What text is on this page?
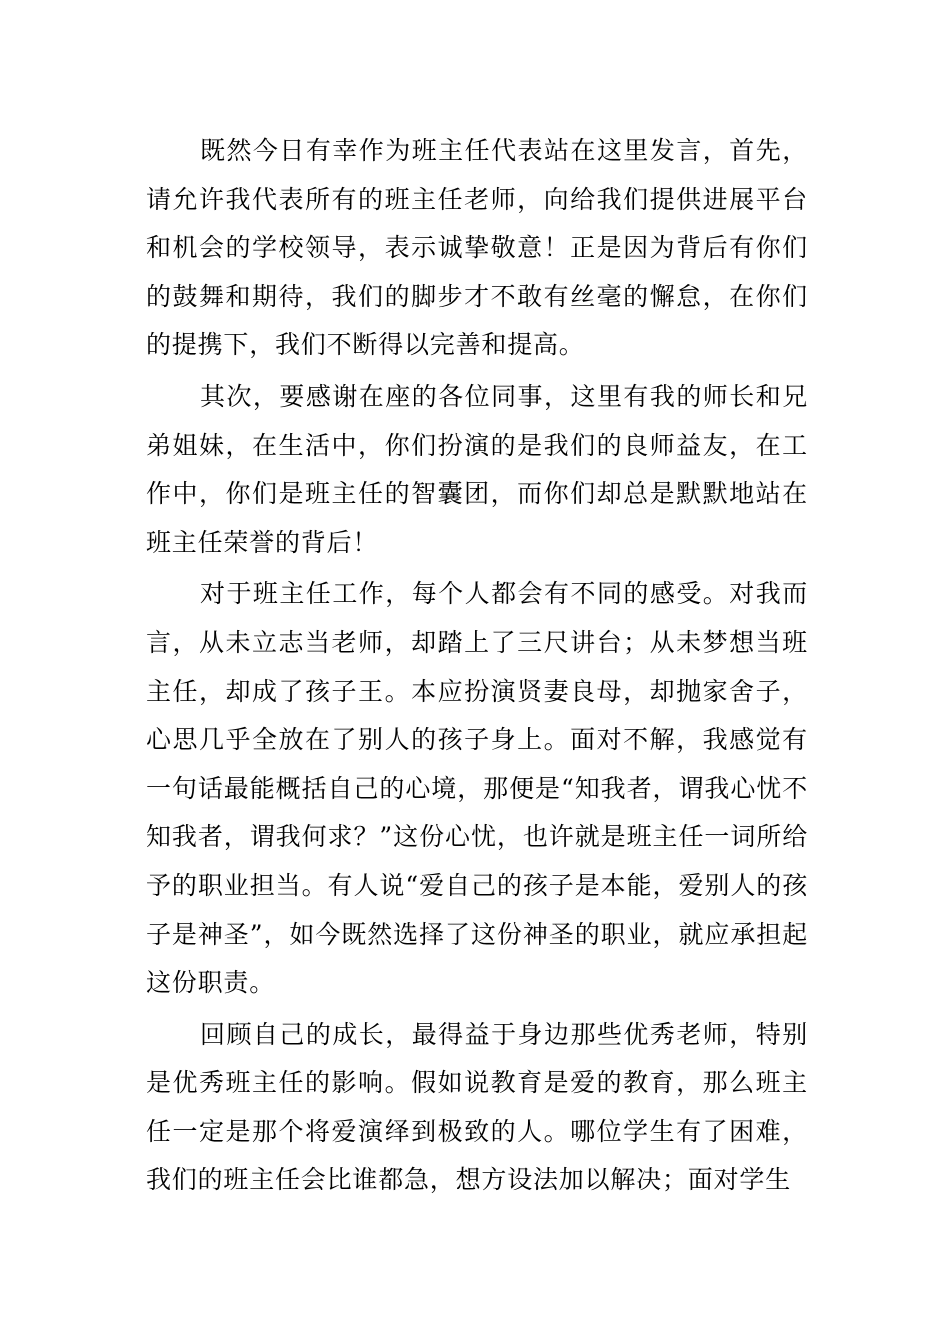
既然今日有幸作为班主任代表站在这里发言，首先，请允许我代表所有的班主任老师，向给我们提供进展平台和机会的学校领导，表示诚挚敬意！正是因为背后有你们的鼓舞和期待，我们的脚步才不敢有丝毫的懈怠，在你们的提携下，我们不断得以完善和提高。

其次，要感谢在座的各位同事，这里有我的师长和兄弟姐妹，在生活中，你们扮演的是我们的良师益友，在工作中，你们是班主任的智囊团，而你们却总是默默地站在班主任荣誉的背后！

对于班主任工作，每个人都会有不同的感受。对我而言，从未立志当老师，却踏上了三尺讲台；从未梦想当班主任，却成了孩子王。本应扮演贤妻良母，却抛家舍子，心思几乎全放在了别人的孩子身上。面对不解，我感觉有一句话最能概括自己的心境，那便是“知我者，谓我心忧不知我者，谓我何求？”这份心忧，也许就是班主任一词所给予的职业担当。有人说“爱自己的孩子是本能，爱别人的孩子是神圣”，如今既然选择了这份神圣的职业，就应承担起这份职责。

回顾自己的成长，最得益于身边那些优秀老师，特别是优秀班主任的影响。假如说教育是爱的教育，那么班主任一定是那个将爱演绎到极致的人。哪位学生有了困难，我们的班主任会比谁都急，想方设法加以解决；面对学生
